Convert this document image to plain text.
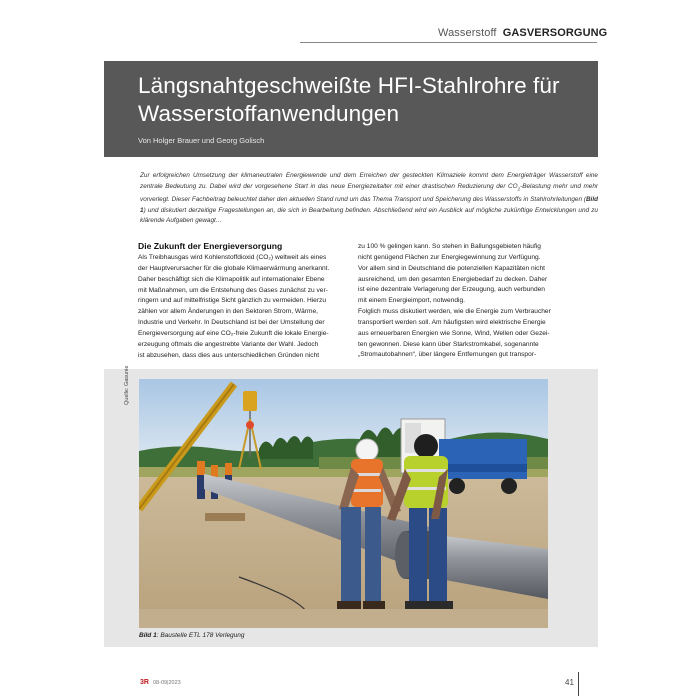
Wasserstoff GASVERSORGUNG
Längsnahtgeschweißte HFI-Stahlrohre für
Wasserstoffanwendungen
Von Holger Brauer und Georg Golisch
Zur erfolgreichen Umsetzung der klimaneutralen Energiewende und dem Erreichen der gesteckten Klimaziele kommt dem Energieträger Wasserstoff eine zentrale Bedeutung zu. Dabei wird der vorgesehene Start in das neue Energiezeitalter mit einer drastischen Reduzierung der $CO_2$-Belastung mehr und mehr vorverlegt. Dieser Fachbeitrag beleuchtet daher den aktuellen Stand rund um das Thema Transport und Speicherung des Wasserstoffs in Stahlrohrleitungen (Bild 1) und diskutiert derzeitige Fragestellungen an, die sich in Bearbeitung befinden. Abschließend wird ein Ausblick auf mögliche zukünftige Entwicklungen und zu klärende Aufgaben gewagt…
Die Zukunft der Energieversorgung
Als Treibhausgas wird Kohlenstoffdioxid (CO₂) weltweit als eines
der Hauptverursacher für die globale Klimaerwärmung anerkannt.
Daher beschäftigt sich die Klimapolitik auf internationaler Ebene
mit Maßnahmen, um die Entstehung des Gases zunächst zu ver-
ringern und auf mittelfristige Sicht gänzlich zu vermeiden. Hierzu
zählen vor allem Änderungen in den Sektoren Strom, Wärme,
Industrie und Verkehr. In Deutschland ist bei der Umstellung der
Energieversorgung auf eine CO₂-freie Zukunft die lokale Energie-
erzeugung oftmals die angestrebte Variante der Wahl. Jedoch
ist abzusehen, dass dies aus unterschiedlichen Gründen nicht
zu 100 % gelingen kann. So stehen in Ballungsgebieten häufig
nicht genügend Flächen zur Energiegewinnung zur Verfügung.
Vor allem sind in Deutschland die potenziellen Kapazitäten nicht
ausreichend, um den gesamten Energiebedarf zu decken. Daher
ist eine dezentrale Verlagerung der Erzeugung, auch verbunden
mit einem Energieimport, notwendig.
Folglich muss diskutiert werden, wie die Energie zum Verbraucher
transportiert werden soll. Am häufigsten wird elektrische Energie
aus erneuerbaren Energien wie Sonne, Wind, Wellen oder Gezei-
ten gewonnen. Diese kann über Starkstromkabel, sogenannte
„Stromautobahnen“, über längere Entfernungen gut transpor-
Quelle: Gasunie
Bild 1: Baustelle ETL 178 Verlegung
3R 08-09|2023	41
